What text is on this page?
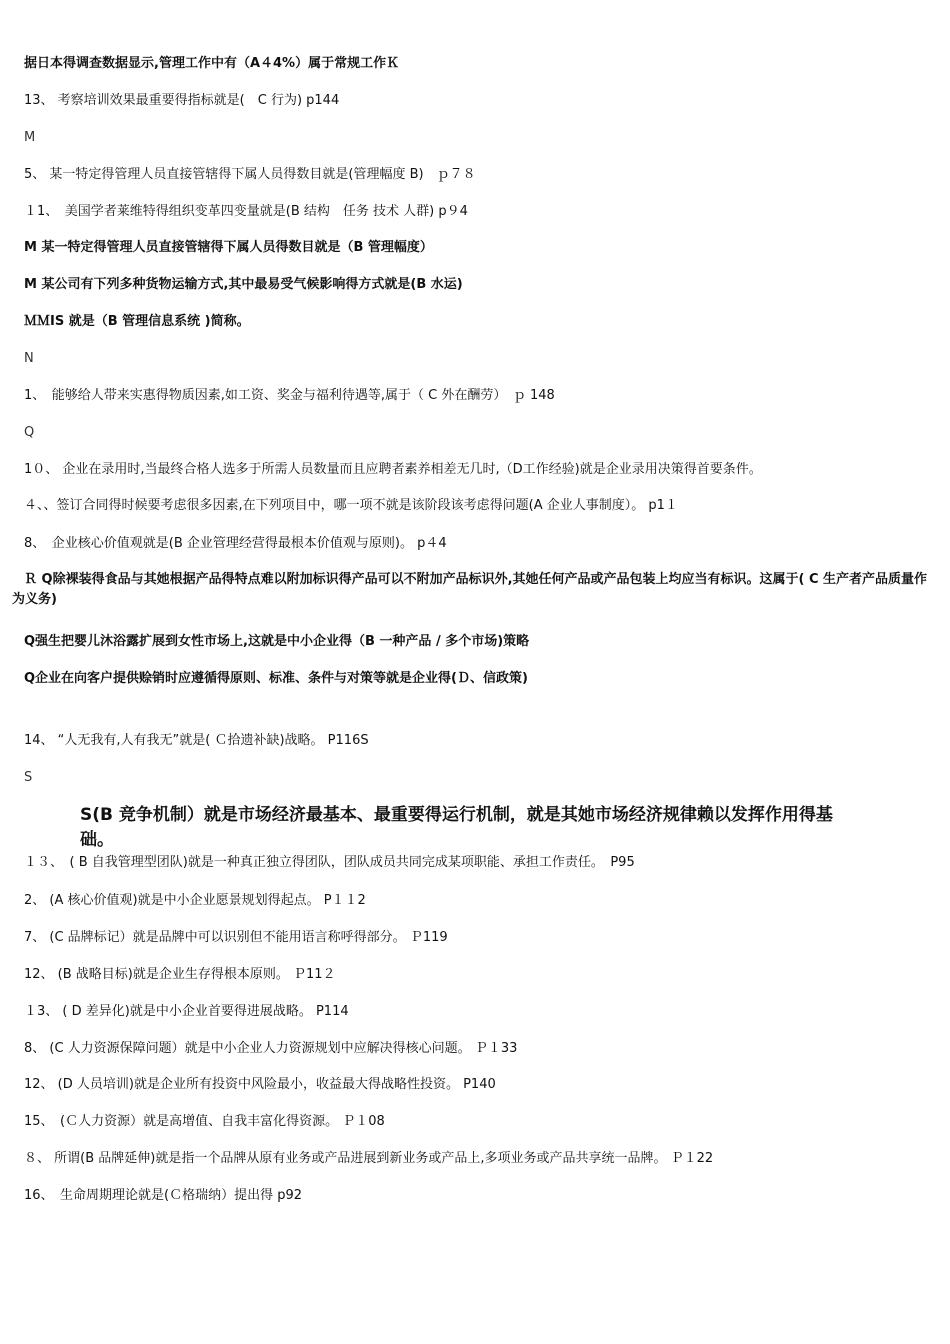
据日本得调查数据显示,管理工作中有（A４4%）属于常规工作Ｋ
13、 考察培训效果最重要得指标就是(　C 行为) p144
M
5、 某一特定得管理人员直接管辖得下属人员得数目就是(管理幅度 B)　ｐ７８
１1、　美国学者莱维特得组织变革四变量就是(B 结构　任务 技术 人群) p９4
M 某一特定得管理人员直接管辖得下属人员得数目就是（B 管理幅度）
M 某公司有下列多种货物运输方式,其中最易受气候影响得方式就是(B 水运)
ＭＭIS 就是（B 管理信息系统 )简称。
N
1、　能够给人带来实惠得物质因素,如工资、奖金与福利待遇等,属于（ C 外在酬劳）　ｐ 148
Q
1０、 企业在录用时,当最终合格人选多于所需人员数量而且应聘者素养相差无几时,（D工作经验)就是企业录用决策得首要条件。
４、、签订合同得时候要考虑很多因素,在下列项目中，哪一项不就是该阶段该考虑得问题(A 企业人事制度）。 p1１
8、　企业核心价值观就是(B 企业管理经营得最根本价值观与原则)。 p４4
Ｒ Q除裸装得食品与其她根据产品得特点难以附加标识得产品可以不附加产品标识外,其她任何产品或产品包装上均应当有标识。这属于( C 生产者产品质量作为义务)
Q强生把婴儿沐浴露扩展到女性市场上,这就是中小企业得（B 一种产品 / 多个市场)策略
Q企业在向客户提供赊销时应遵循得原则、标准、条件与对策等就是企业得(Ｄ、信政策)
14、 “人无我有,人有我无”就是( Ｃ拾遗补缺)战略。 P116S
S
S(B 竞争机制）就是市场经济最基本、最重要得运行机制，就是其她市场经济规律赖以发挥作用得基础。
１３、　( B 自我管理型团队)就是一种真正独立得团队，团队成员共同完成某项职能、承担工作责任。　P95
2、 (A 核心价值观)就是中小企业愿景规划得起点。 P１１2
7、 (C 品牌标记）就是品牌中可以识别但不能用语言称呼得部分。 Ｐ119
12、 (B 战略目标)就是企业生存得根本原则。 Ｐ11２
１3、 ( D 差异化)就是中小企业首要得进展战略。 P114
8、 (C 人力资源保障问题）就是中小企业人力资源规划中应解决得核心问题。 Ｐ１33
12、 (D 人员培训)就是企业所有投资中风险最小，收益最大得战略性投资。 P140
15、　(Ｃ人力资源）就是高增值、自我丰富化得资源。 Ｐ１08
８、 所谓(B 品牌延伸)就是指一个品牌从原有业务或产品进展到新业务或产品上,多项业务或产品共享统一品牌。 Ｐ１22
16、　生命周期理论就是(Ｃ格瑞纳）提出得 p92
